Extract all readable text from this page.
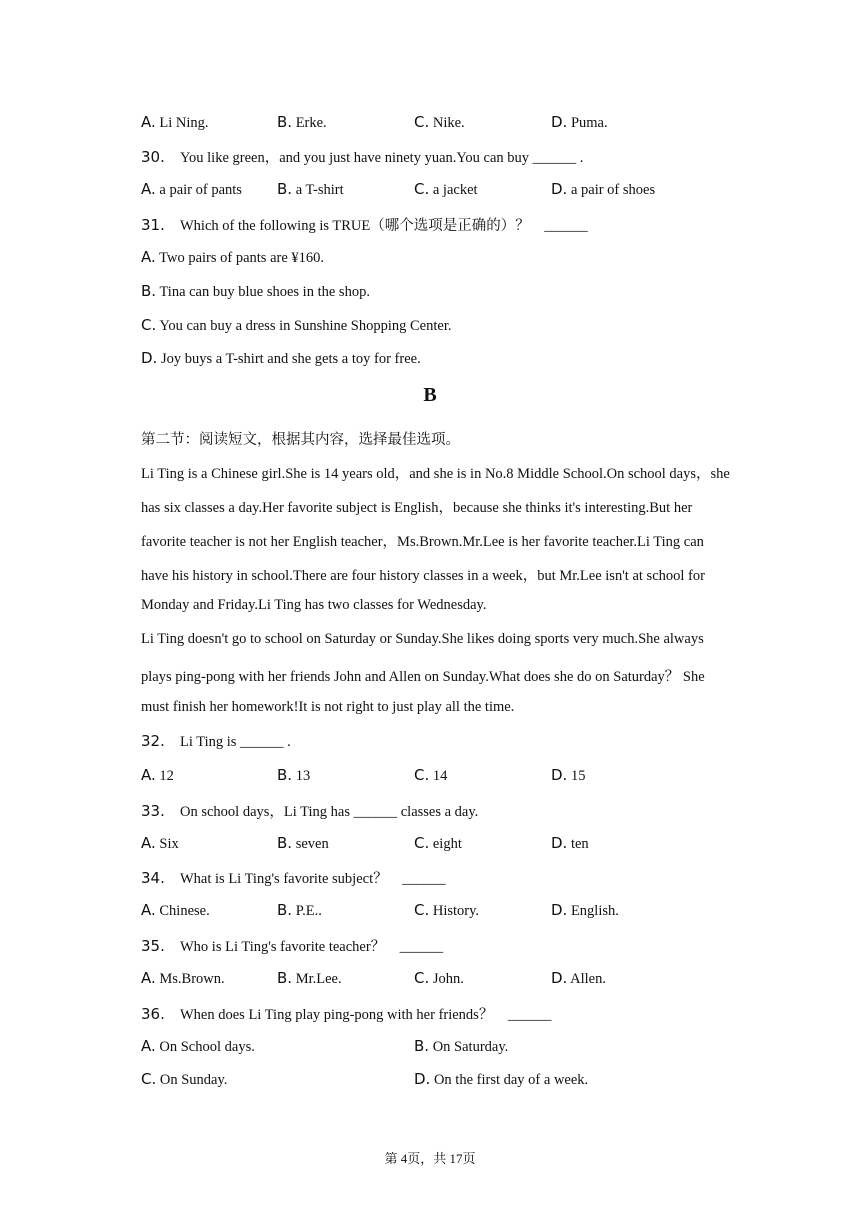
A. Li Ning.	B. Erke.	C. Nike.	D. Puma.
30. You like green，and you just have ninety yuan.You can buy ______ .
A. a pair of pants B. a T-shirt	C. a jacket	D. a pair of shoes
31. Which of the following is TRUE（哪个选项是正确的）？　______
A. Two pairs of pants are ¥160.
B. Tina can buy blue shoes in the shop.
C. You can buy a dress in Sunshine Shopping Center.
D. Joy buys a T-shirt and she gets a toy for free.
B
第二节：阅读短文，根据其内容，选择最佳选项。
Li Ting is a Chinese girl.She is 14 years old，and she is in No.8 Middle School.On school days，she
has six classes a day.Her favorite subject is English，because she thinks it's interesting.But her
favorite teacher is not her English teacher，Ms.Brown.Mr.Lee is her favorite teacher.Li Ting can
have his history in school.There are four history classes in a week，but Mr.Lee isn't at school for
Monday and Friday.Li Ting has two classes for Wednesday.
Li Ting doesn't go to school on Saturday or Sunday.She likes doing sports very much.She always
plays ping-pong with her friends John and Allen on Sunday.What does she do on Saturday？ She
must finish her homework!It is not right to just play all the time.
32. Li Ting is ______ .
A. 12	B. 13	C. 14	D. 15
33. On school days，Li Ting has ______ classes a day.
A. Six	B. seven	C. eight	D. ten
34. What is Li Ting's favorite subject？　______
A. Chinese.	B. P.E..	C. History.	D. English.
35. Who is Li Ting's favorite teacher？　______
A. Ms.Brown.	B. Mr.Lee.	C. John.	D. Allen.
36. When does Li Ting play ping-pong with her friends？　______
A. On School days.	B. On Saturday.
C. On Sunday.	D. On the first day of a week.
第 4页，共 17页
